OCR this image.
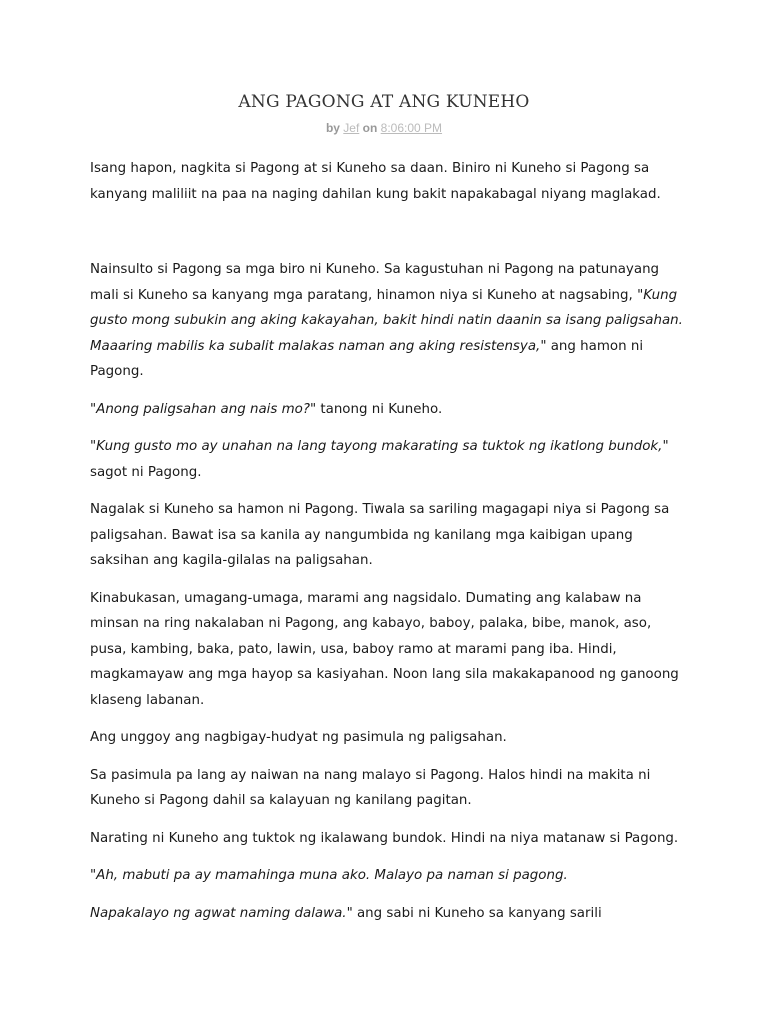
ANG PAGONG AT ANG KUNEHO
by Jef on 8:06:00 PM

Isang hapon, nagkita si Pagong at si Kuneho sa daan. Biniro ni Kuneho si Pagong sa kanyang maliliit na paa na naging dahilan kung bakit napakabagal niyang maglakad.

Nainsulto si Pagong sa mga biro ni Kuneho. Sa kagustuhan ni Pagong na patunayang mali si Kuneho sa kanyang mga paratang, hinamon niya si Kuneho at nagsabing, "Kung gusto mong subukin ang aking kakayahan, bakit hindi natin daanin sa isang paligsahan. Maaaring mabilis ka subalit malakas naman ang aking resistensya," ang hamon ni Pagong.

"Anong paligsahan ang nais mo?" tanong ni Kuneho.

"Kung gusto mo ay unahan na lang tayong makarating sa tuktok ng ikatlong bundok," sagot ni Pagong.

Nagalak si Kuneho sa hamon ni Pagong. Tiwala sa sariling magagapi niya si Pagong sa paligsahan. Bawat isa sa kanila ay nangumbida ng kanilang mga kaibigan upang saksihan ang kagila-gilalas na paligsahan.

Kinabukasan, umagang-umaga, marami ang nagsidalo. Dumating ang kalabaw na minsan na ring nakalaban ni Pagong, ang kabayo, baboy, palaka, bibe, manok, aso, pusa, kambing, baka, pato, lawin, usa, baboy ramo at marami pang iba. Hindi, magkamayaw ang mga hayop sa kasiyahan. Noon lang sila makakapanood ng ganoong klaseng labanan.

Ang unggoy ang nagbigay-hudyat ng pasimula ng paligsahan.

Sa pasimula pa lang ay naiwan na nang malayo si Pagong. Halos hindi na makita ni Kuneho si Pagong dahil sa kalayuan ng kanilang pagitan.

Narating ni Kuneho ang tuktok ng ikalawang bundok. Hindi na niya matanaw si Pagong.

"Ah, mabuti pa ay mamahinga muna ako. Malayo pa naman si pagong.

Napakalayo ng agwat naming dalawa." ang sabi ni Kuneho sa kanyang sarili
